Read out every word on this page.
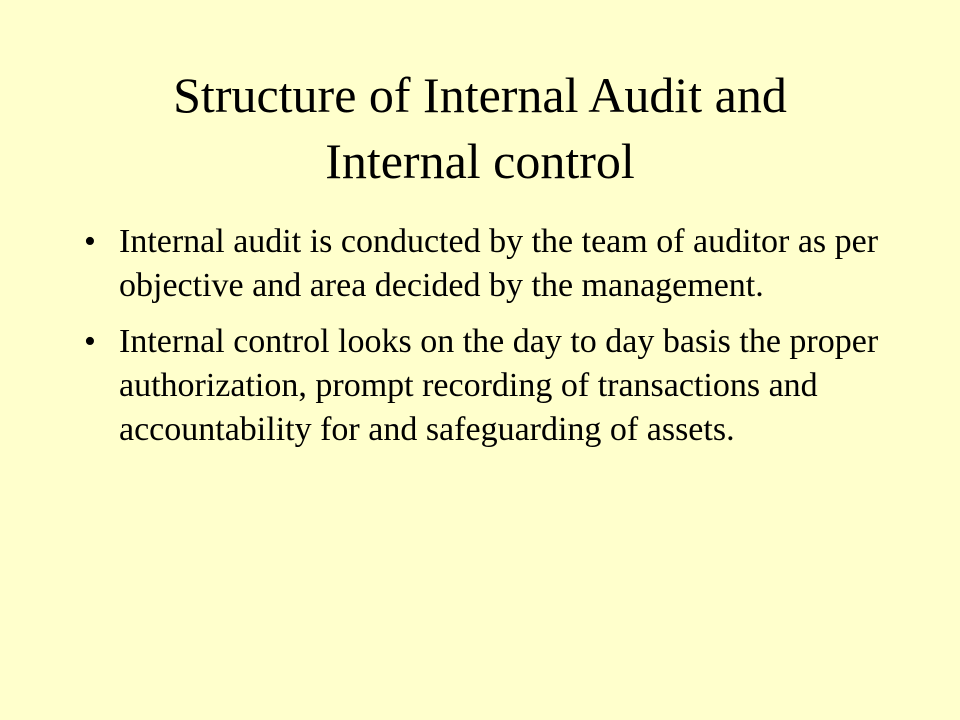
Structure of Internal Audit and
Internal control
• Internal audit is conducted by the team of auditor as per objective and area decided by the management.
• Internal control looks on the day to day basis the proper authorization, prompt recording of transactions and accountability for and safeguarding of assets.
